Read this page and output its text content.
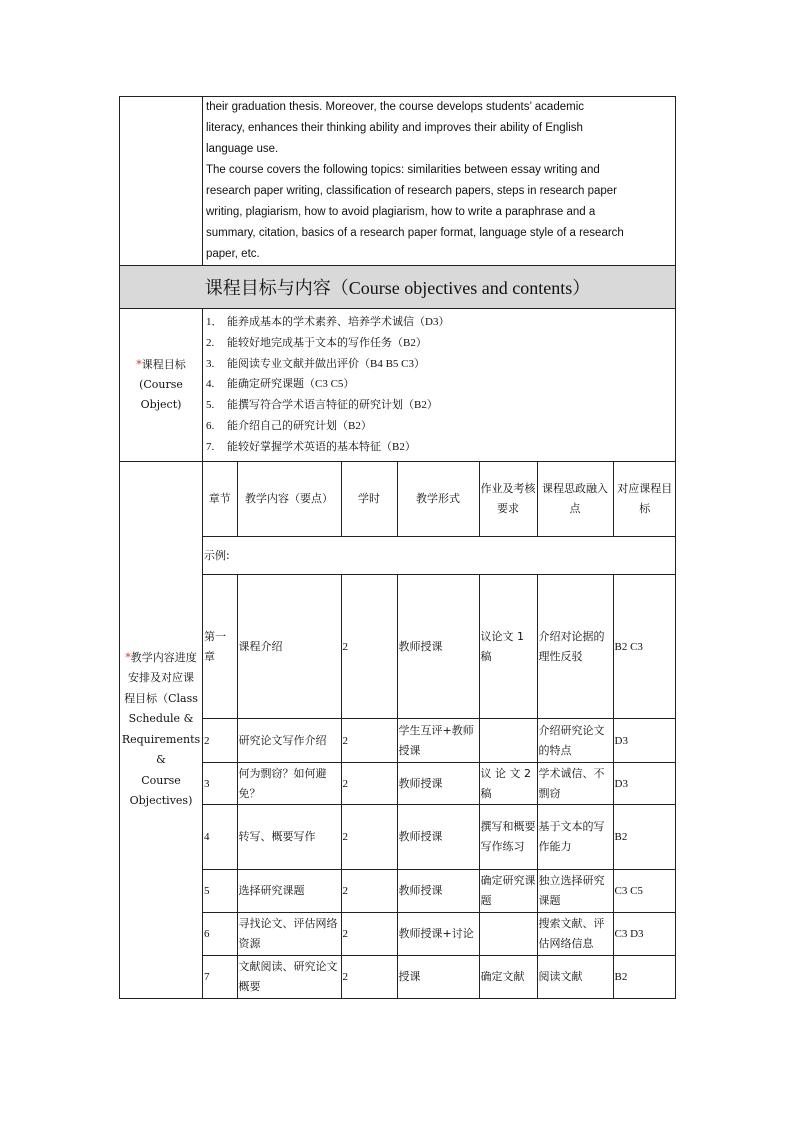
their graduation thesis. Moreover, the course develops students’ academic
literacy, enhances their thinking ability and improves their ability of English
language use.
The course covers the following topics: similarities between essay writing and
research paper writing, classification of research papers, steps in research paper
writing, plagiarism, how to avoid plagiarism, how to write a paraphrase and a
summary, citation, basics of a research paper format, language style of a research
paper, etc.

课程目标与内容（Course objectives and contents）
*课程目标
(Course Object)	
1． 能养成基本的学术素养、培养学术诚信（D3）
2. 能较好地完成基于文本的写作任务（B2）
3. 能阅读专业文献并做出评价（B4 B5 C3）
4. 能确定研究课题（C3 C5）
5. 能撰写符合学术语言特征的研究计划（B2）
6. 能介绍自己的研究计划（B2）
7. 能较好掌握学术英语的基本特征（B2）

*教学内容进度
安排及对应课
程目标（Class
Schedule &
Requirements &
Course
Objectives)	
章节	教学内容（要点）	学时	教学形式	作业及考核要求	课程思政融入点	对应课程目标
示例:
第一章	课程介绍	2	教师授课	议论文 1 稿	介绍对论据的理性反驳	B2 C3
2	研究论文写作介绍	2	学生互评+教师授课		介绍研究论文的特点	D3
3	何为剽窃？如何避免？	2	教师授课	议 论 文 2 稿	学术诚信、不剽窃	D3
4	转写、概要写作	2	教师授课	撰写和概要写作练习	基于文本的写作能力	B2
5	选择研究课题	2	教师授课	确定研究课题	独立选择研究课题	C3 C5
6	寻找论文、评估网络资源	2	教师授课+讨论		搜索文献、评估网络信息	C3 D3
7	文献阅读、研究论文概要	2	授课	确定文献	阅读文献	B2
